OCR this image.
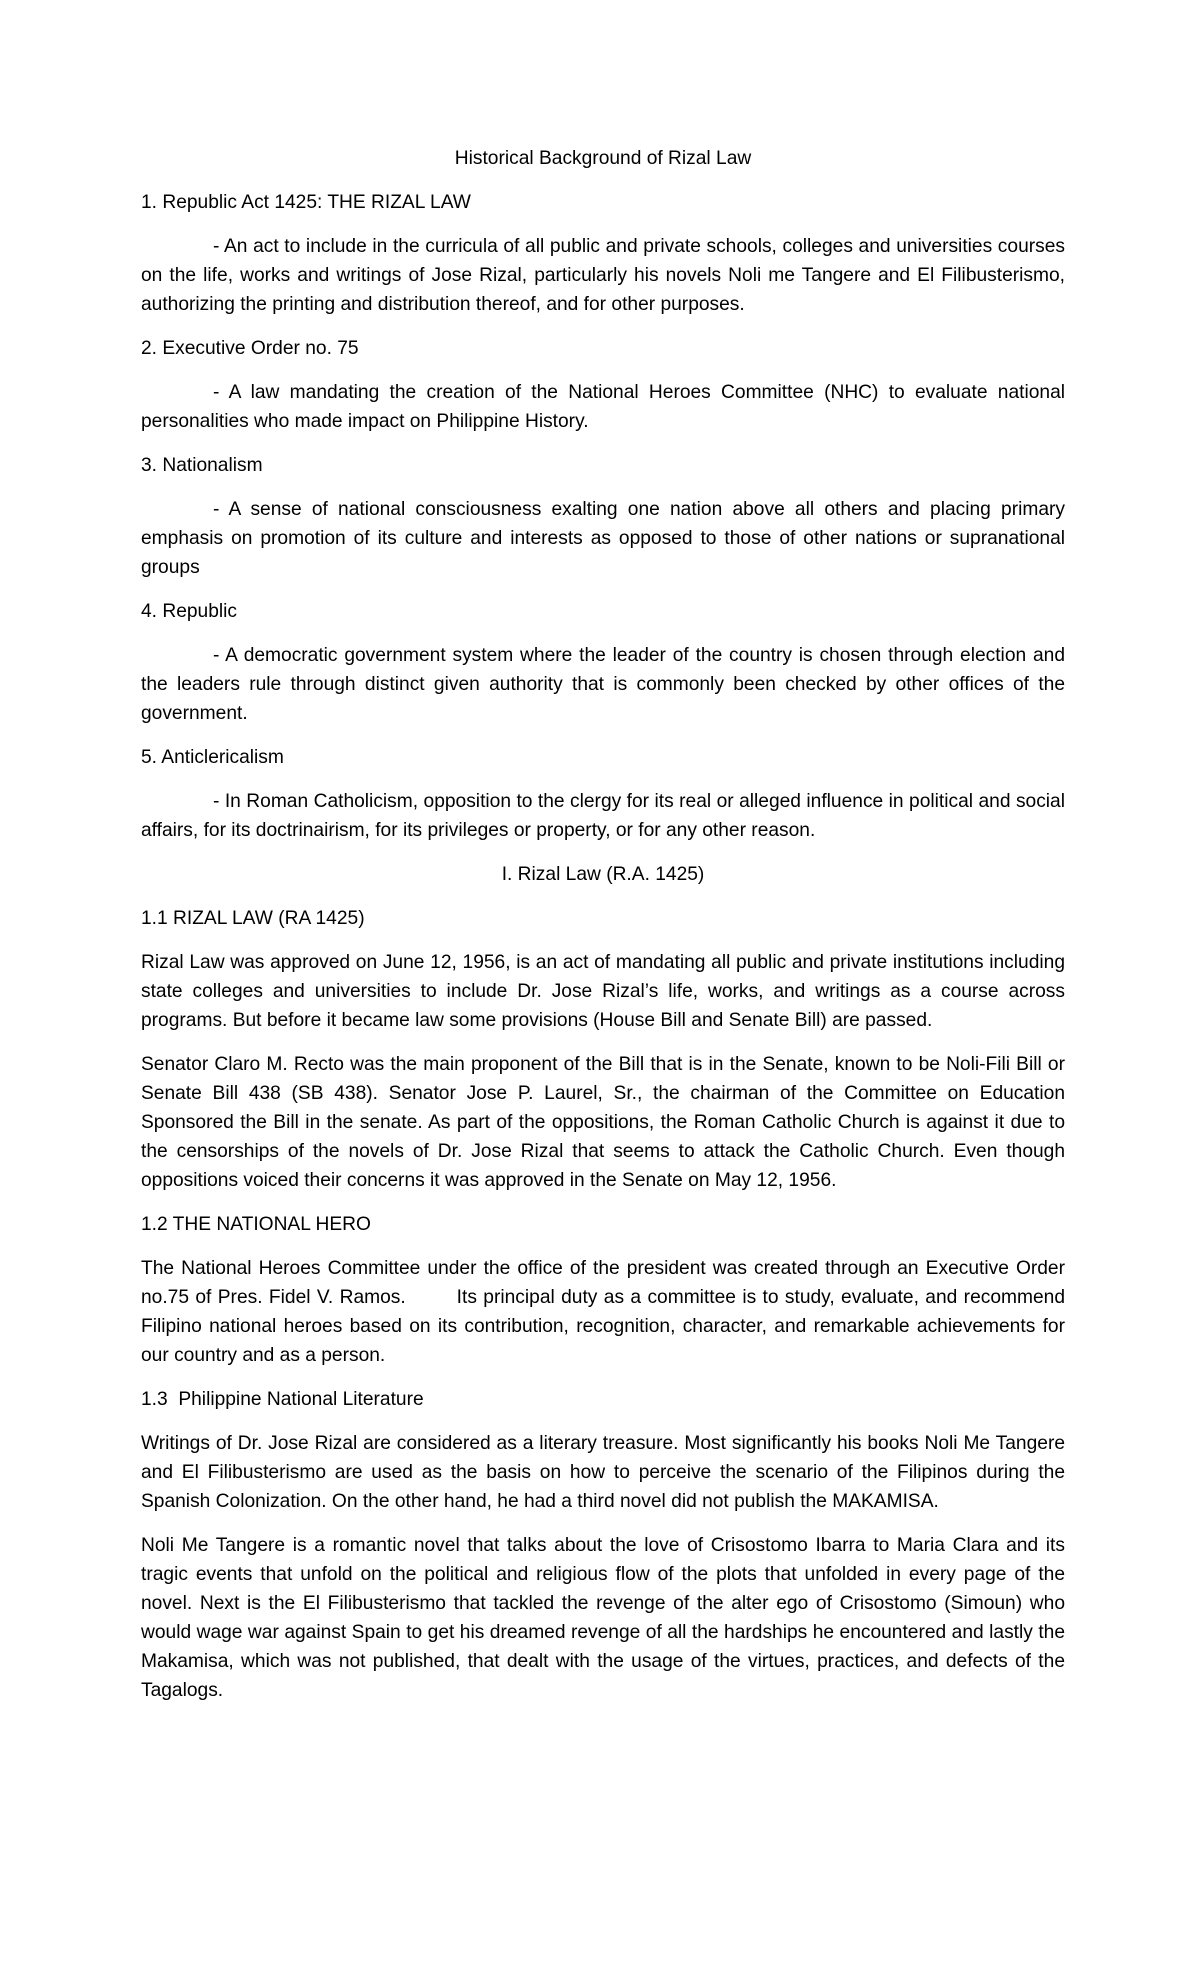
Historical Background of Rizal Law

1. Republic Act 1425: THE RIZAL LAW

- An act to include in the curricula of all public and private schools, colleges and universities courses on the life, works and writings of Jose Rizal, particularly his novels Noli me Tangere and El Filibusterismo, authorizing the printing and distribution thereof, and for other purposes.

2. Executive Order no. 75

- A law mandating the creation of the National Heroes Committee (NHC) to evaluate national personalities who made impact on Philippine History.

3. Nationalism

- A sense of national consciousness exalting one nation above all others and placing primary emphasis on promotion of its culture and interests as opposed to those of other nations or supranational groups

4. Republic

- A democratic government system where the leader of the country is chosen through election and the leaders rule through distinct given authority that is commonly been checked by other offices of the government.

5. Anticlericalism

- In Roman Catholicism, opposition to the clergy for its real or alleged influence in political and social affairs, for its doctrinairism, for its privileges or property, or for any other reason.

I. Rizal Law (R.A. 1425)

1.1 RIZAL LAW (RA 1425)

Rizal Law was approved on June 12, 1956, is an act of mandating all public and private institutions including state colleges and universities to include Dr. Jose Rizal’s life, works, and writings as a course across programs. But before it became law some provisions (House Bill and Senate Bill) are passed.

Senator Claro M. Recto was the main proponent of the Bill that is in the Senate, known to be Noli-Fili Bill or Senate Bill 438 (SB 438). Senator Jose P. Laurel, Sr., the chairman of the Committee on Education Sponsored the Bill in the senate. As part of the oppositions, the Roman Catholic Church is against it due to the censorships of the novels of Dr. Jose Rizal that seems to attack the Catholic Church. Even though oppositions voiced their concerns it was approved in the Senate on May 12, 1956.

1.2 THE NATIONAL HERO

The National Heroes Committee under the office of the president was created through an Executive Order no.75 of Pres. Fidel V. Ramos.        Its principal duty as a committee is to study, evaluate, and recommend Filipino national heroes based on its contribution, recognition, character, and remarkable achievements for our country and as a person.

1.3  Philippine National Literature

Writings of Dr. Jose Rizal are considered as a literary treasure. Most significantly his books Noli Me Tangere and El Filibusterismo are used as the basis on how to perceive the scenario of the Filipinos during the Spanish Colonization. On the other hand, he had a third novel did not publish the MAKAMISA.

Noli Me Tangere is a romantic novel that talks about the love of Crisostomo Ibarra to Maria Clara and its tragic events that unfold on the political and religious flow of the plots that unfolded in every page of the novel. Next is the El Filibusterismo that tackled the revenge of the alter ego of Crisostomo (Simoun) who would wage war against Spain to get his dreamed revenge of all the hardships he encountered and lastly the Makamisa, which was not published, that dealt with the usage of the virtues, practices, and defects of the Tagalogs.
